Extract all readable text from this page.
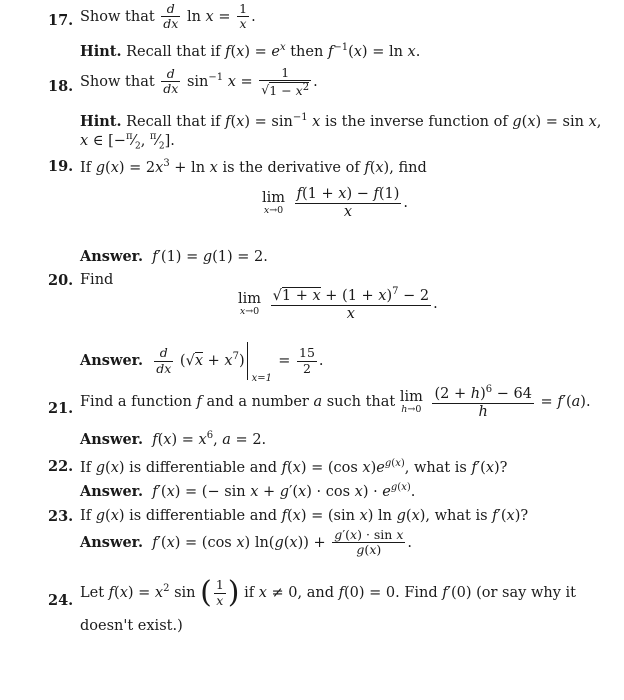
17. Show that $\frac{d}{dx}$ $\ln x = \frac{1}{x}$ .
Hint. Recall that if $f(x) = e^x$ then $f^{-1}(x) = \ln x$.
18. Show that $\frac{d}{dx} \sin^{-1} x = \frac{1}{√1 - x^2}$ .
Hint. Recall that if $f(x) = \sin^{-1} x$ is the inverse function of g(x) = sin x,
x ∈ [$-^\pi⁄_2$, $^\pi⁄_2$].
19. If $g(x) = 2x^3 + \ln x$ is the derivative of f(x), find
lim
x→0
$\frac{f(1 + x) - f(1)}{x}$ .
Answer. f′(1) = g(1) = 2.
20. Find
lim
x→0
$\frac{√1 + x + (1 + x)^7 - 2}{x}$ .
Answer. $\frac{d}{dx} (√x + x^7)$
x=1
= $\frac{15}{2}$ .
21. Find a function f and a number a such that lim
h→0
$\frac{(2 + h)^6 - 64}{h} = f'(a)$.
Answer. $f(x) = x^6$, a = 2.
22. If g(x) is differentiable and f(x) = (cos $x)e^{g(x)}$, what is f′(x)?
Answer. f′(x) = (− $\sin x + g'(x) \cdot \cos x) \cdot e^{g(x)}$.
23. If g(x) is differentiable and f(x) = (sin x) ln g(x), what is f′(x)?
Answer. f′(x) = (cos x) $\ln(g(x)) + \frac{\text{g′(x) · sin x}}{g(x)}$ .
24. Let $f(x) = x^2$ sin ( $\frac{1}{x}$ ) if x ≠ 0, and f(0) = 0. Find f′(0) (or say why it
doesn't exist.)
